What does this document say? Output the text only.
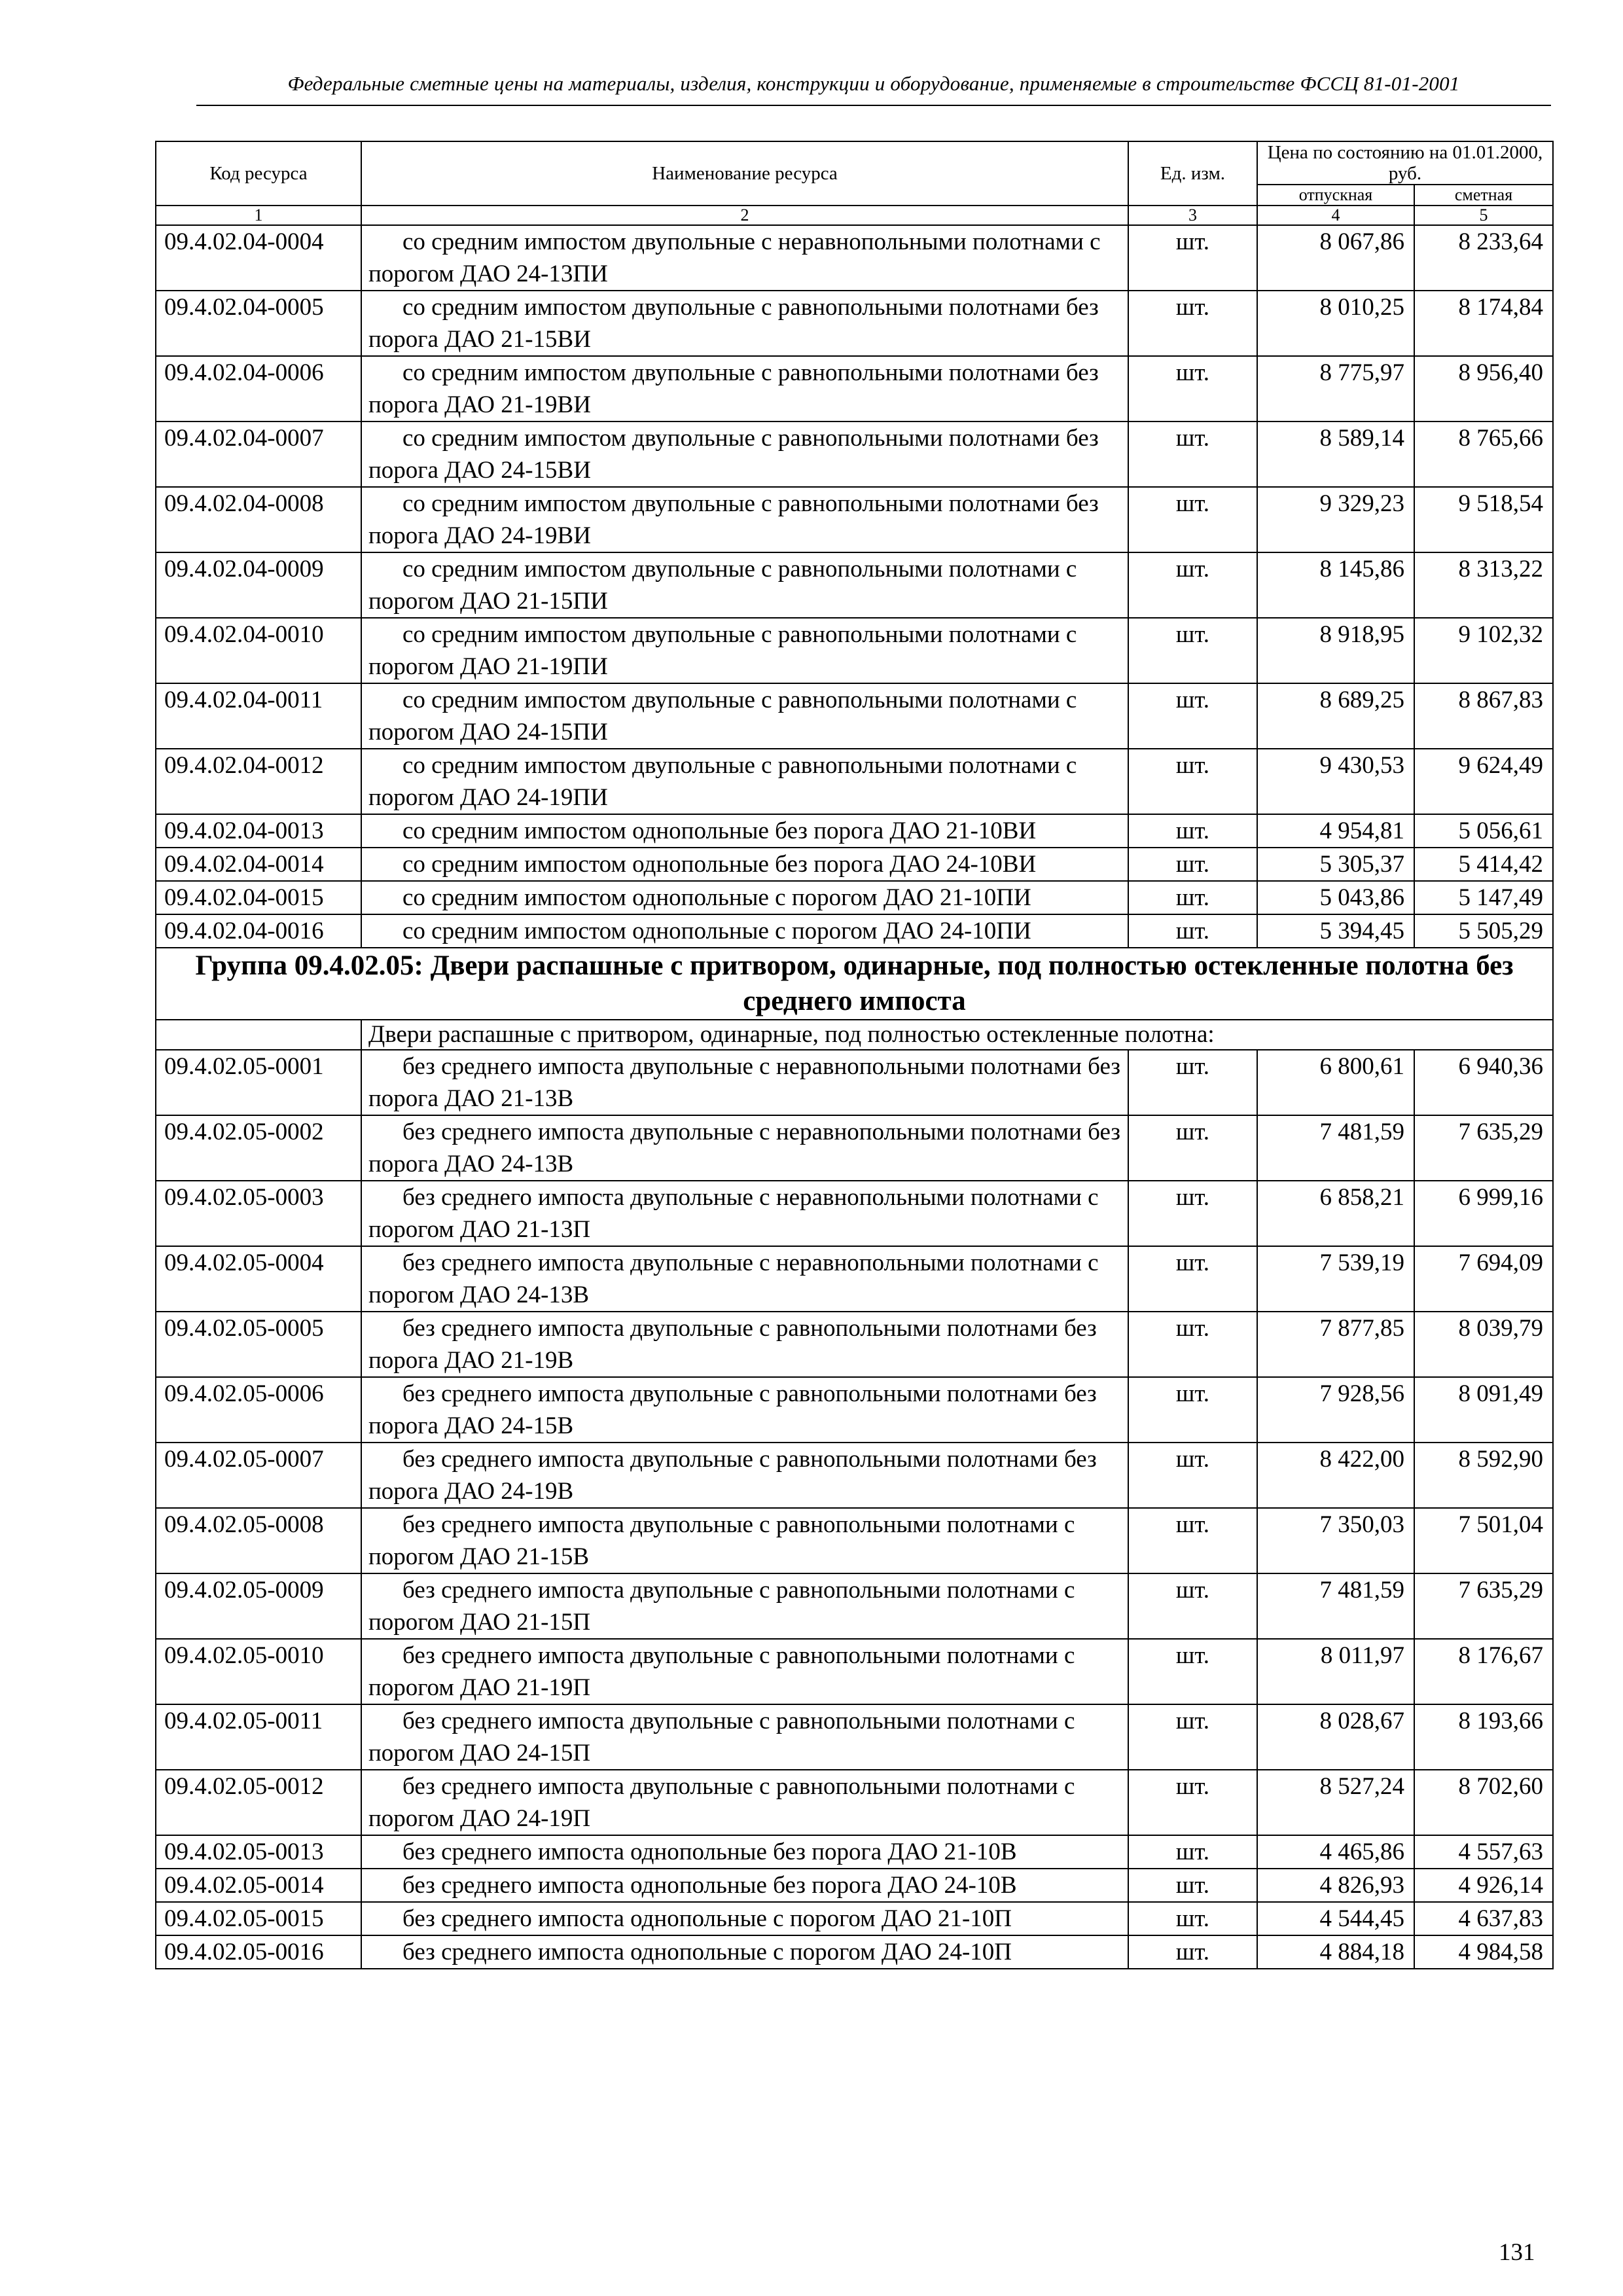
Федеральные сметные цены на материалы, изделия, конструкции и оборудование, применяемые в строительстве ФССЦ 81-01-2001
Код ресурса	Наименование ресурса	Ед. изм.	Цена по состоянию на 01.01.2000, руб.	
			отпускная	сметная
1	2	3	4	5
09.4.02.04-0004	со средним импостом двупольные с неравнопольными полотнами с порогом ДАО 24-13ПИ	шт.	8 067,86	8 233,64
09.4.02.04-0005	со средним импостом двупольные с равнопольными полотнами без порога ДАО 21-15ВИ	шт.	8 010,25	8 174,84
09.4.02.04-0006	со средним импостом двупольные с равнопольными полотнами без порога ДАО 21-19ВИ	шт.	8 775,97	8 956,40
09.4.02.04-0007	со средним импостом двупольные с равнопольными полотнами без порога ДАО 24-15ВИ	шт.	8 589,14	8 765,66
09.4.02.04-0008	со средним импостом двупольные с равнопольными полотнами без порога ДАО 24-19ВИ	шт.	9 329,23	9 518,54
09.4.02.04-0009	со средним импостом двупольные с равнопольными полотнами с порогом ДАО 21-15ПИ	шт.	8 145,86	8 313,22
09.4.02.04-0010	со средним импостом двупольные с равнопольными полотнами с порогом ДАО 21-19ПИ	шт.	8 918,95	9 102,32
09.4.02.04-0011	со средним импостом двупольные с равнопольными полотнами с порогом ДАО 24-15ПИ	шт.	8 689,25	8 867,83
09.4.02.04-0012	со средним импостом двупольные с равнопольными полотнами с порогом ДАО 24-19ПИ	шт.	9 430,53	9 624,49
09.4.02.04-0013	со средним импостом однопольные без порога ДАО 21-10ВИ	шт.	4 954,81	5 056,61
09.4.02.04-0014	со средним импостом однопольные без порога ДАО 24-10ВИ	шт.	5 305,37	5 414,42
09.4.02.04-0015	со средним импостом однопольные с порогом ДАО 21-10ПИ	шт.	5 043,86	5 147,49
09.4.02.04-0016	со средним импостом однопольные с порогом ДАО 24-10ПИ	шт.	5 394,45	5 505,29
Группа 09.4.02.05: Двери распашные с притвором, одинарные, под полностью остекленные полотна без среднего импоста				
	Двери распашные с притвором, одинарные, под полностью остекленные полотна:			
09.4.02.05-0001	без среднего импоста двупольные с неравнопольными полотнами без порога ДАО 21-13В	шт.	6 800,61	6 940,36
09.4.02.05-0002	без среднего импоста двупольные с неравнопольными полотнами без порога ДАО 24-13В	шт.	7 481,59	7 635,29
09.4.02.05-0003	без среднего импоста двупольные с неравнопольными полотнами с порогом ДАО 21-13П	шт.	6 858,21	6 999,16
09.4.02.05-0004	без среднего импоста двупольные с неравнопольными полотнами с порогом ДАО 24-13В	шт.	7 539,19	7 694,09
09.4.02.05-0005	без среднего импоста двупольные с равнопольными полотнами без порога ДАО 21-19В	шт.	7 877,85	8 039,79
09.4.02.05-0006	без среднего импоста двупольные с равнопольными полотнами без порога ДАО 24-15В	шт.	7 928,56	8 091,49
09.4.02.05-0007	без среднего импоста двупольные с равнопольными полотнами без порога ДАО 24-19В	шт.	8 422,00	8 592,90
09.4.02.05-0008	без среднего импоста двупольные с равнопольными полотнами с порогом ДАО 21-15В	шт.	7 350,03	7 501,04
09.4.02.05-0009	без среднего импоста двупольные с равнопольными полотнами с порогом ДАО 21-15П	шт.	7 481,59	7 635,29
09.4.02.05-0010	без среднего импоста двупольные с равнопольными полотнами с порогом ДАО 21-19П	шт.	8 011,97	8 176,67
09.4.02.05-0011	без среднего импоста двупольные с равнопольными полотнами с порогом ДАО 24-15П	шт.	8 028,67	8 193,66
09.4.02.05-0012	без среднего импоста двупольные с равнопольными полотнами с порогом ДАО 24-19П	шт.	8 527,24	8 702,60
09.4.02.05-0013	без среднего импоста однопольные без порога ДАО 21-10В	шт.	4 465,86	4 557,63
09.4.02.05-0014	без среднего импоста однопольные без порога ДАО 24-10В	шт.	4 826,93	4 926,14
09.4.02.05-0015	без среднего импоста однопольные с порогом ДАО 21-10П	шт.	4 544,45	4 637,83
09.4.02.05-0016	без среднего импоста однопольные с порогом ДАО 24-10П	шт.	4 884,18	4 984,58
131
